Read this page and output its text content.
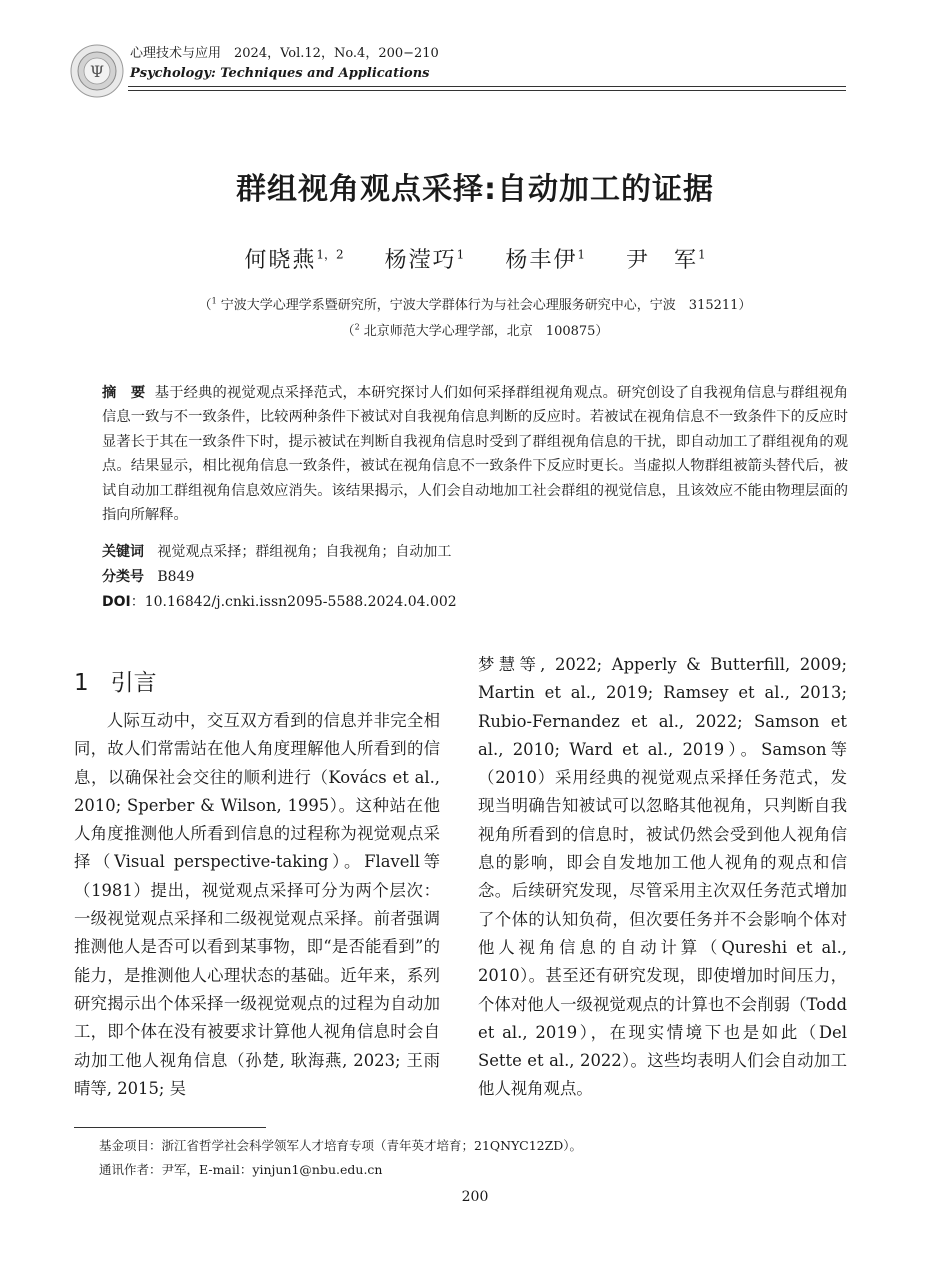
Ψ
心理技术与应用　2024，Vol.12，No.4，200−210
Psychology: Techniques and Applications
群组视角观点采择:自动加工的证据
何晓燕$^{1,2}$ 杨滢巧$^1$ 杨丰伊$^1$ 尹　军$^1$
（$^1$ 宁波大学心理学系暨研究所，宁波大学群体行为与社会心理服务研究中心，宁波　315211）
（$^2$ 北京师范大学心理学部，北京　100875）
摘　要 基于经典的视觉观点采择范式，本研究探讨人们如何采择群组视角观点。研究创设了自我视角信息与群组视角信息一致与不一致条件，比较两种条件下被试对自我视角信息判断的反应时。若被试在视角信息不一致条件下的反应时显著长于其在一致条件下时，提示被试在判断自我视角信息时受到了群组视角信息的干扰，即自动加工了群组视角的观点。结果显示，相比视角信息一致条件，被试在视角信息不一致条件下反应时更长。当虚拟人物群组被箭头替代后，被试自动加工群组视角信息效应消失。该结果揭示，人们会自动地加工社会群组的视觉信息，且该效应不能由物理层面的指向所解释。
关键词 视觉观点采择；群组视角；自我视角；自动加工
分类号 B849
DOI：10.16842/j.cnki.issn2095-5588.2024.04.002
1 引言

人际互动中，交互双方看到的信息并非完全相同，故人们常需站在他人角度理解他人所看到的信息，以确保社会交往的顺利进行（Kovács et al., 2010; Sperber & Wilson, 1995）。这种站在他人角度推测他人所看到信息的过程称为视觉观点采择（Visual perspective-taking）。Flavell等（1981）提出，视觉观点采择可分为两个层次：一级视觉观点采择和二级视觉观点采择。前者强调推测他人是否可以看到某事物，即“是否能看到”的能力，是推测他人心理状态的基础。近年来，系列研究揭示出个体采择一级视觉观点的过程为自动加工，即个体在没有被要求计算他人视角信息时会自动加工他人视角信息（孙楚, 耿海燕, 2023; 王雨晴等, 2015; 吴

梦慧等, 2022; Apperly & Butterfill, 2009; Martin et al., 2019; Ramsey et al., 2013; Rubio-Fernandez et al., 2022; Samson et al., 2010; Ward et al., 2019）。Samson等（2010）采用经典的视觉观点采择任务范式，发现当明确告知被试可以忽略其他视角，只判断自我视角所看到的信息时，被试仍然会受到他人视角信息的影响，即会自发地加工他人视角的观点和信念。后续研究发现，尽管采用主次双任务范式增加了个体的认知负荷，但次要任务并不会影响个体对他人视角信息的自动计算（Qureshi et al., 2010）。甚至还有研究发现，即使增加时间压力，个体对他人一级视觉观点的计算也不会削弱（Todd et al., 2019），在现实情境下也是如此（Del Sette et al., 2022）。这些均表明人们会自动加工他人视角观点。

基金项目：浙江省哲学社会科学领军人才培育专项（青年英才培育；21QNYC12ZD）。
通讯作者：尹军，E-mail：yinjun1@nbu.edu.cn
200
